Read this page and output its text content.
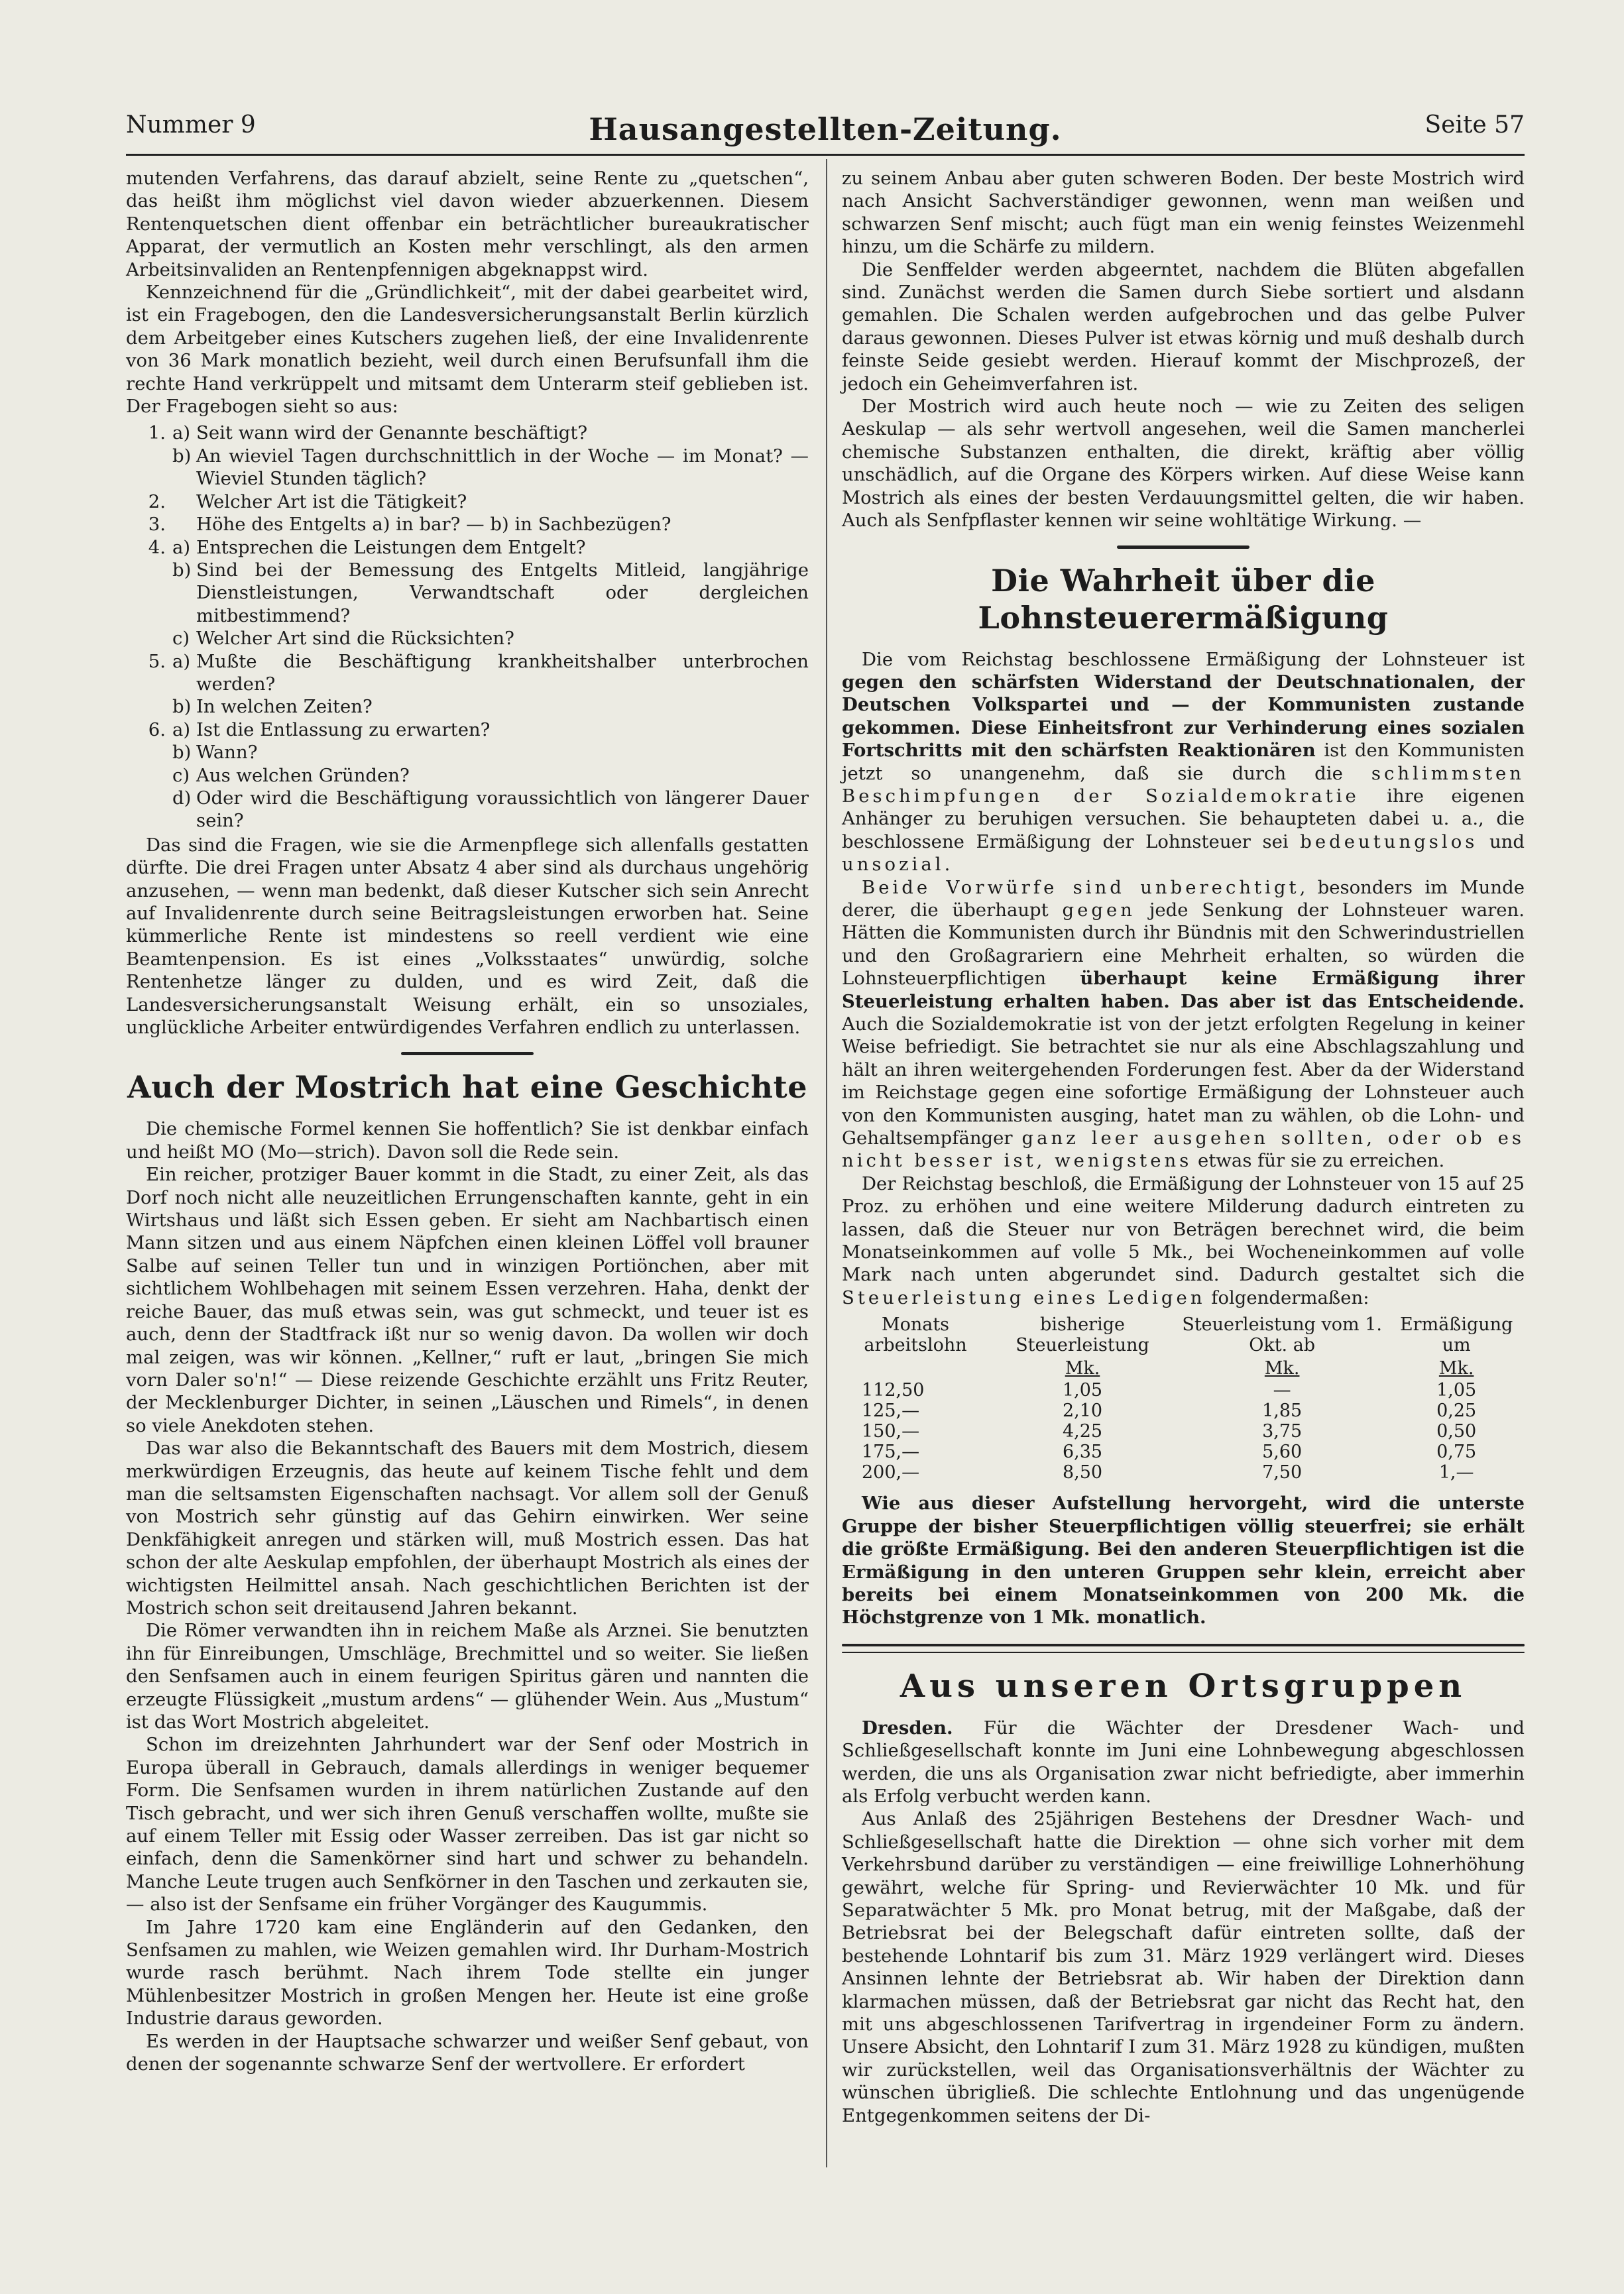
Nummer 9	Hausangestellten-Zeitung.	Seite 57

mutenden Verfahrens, das darauf abzielt, seine Rente zu „quetschen“, das heißt ihm möglichst viel davon wieder abzuerkennen. Diesem Rentenquetschen dient offenbar ein beträchtlicher bureaukratischer Apparat, der vermutlich an Kosten mehr verschlingt, als den armen Arbeitsinvaliden an Rentenpfennigen abgeknappst wird.

Kennzeichnend für die „Gründlichkeit“, mit der dabei gearbeitet wird, ist ein Fragebogen, den die Landesversicherungsanstalt Berlin kürzlich dem Arbeitgeber eines Kutschers zugehen ließ, der eine Invalidenrente von 36 Mark monatlich bezieht, weil durch einen Berufsunfall ihm die rechte Hand verkrüppelt und mitsamt dem Unterarm steif geblieben ist. Der Fragebogen sieht so aus:

1. a) Seit wann wird der Genannte beschäftigt?
b) An wieviel Tagen durchschnittlich in der Woche — im Monat? — Wieviel Stunden täglich?
2.	Welcher Art ist die Tätigkeit?
3.	Höhe des Entgelts a) in bar? — b) in Sachbezügen?
4. a) Entsprechen die Leistungen dem Entgelt?
b) Sind bei der Bemessung des Entgelts Mitleid, langjährige Dienstleistungen, Verwandtschaft oder dergleichen mitbestimmend?
c) Welcher Art sind die Rücksichten?
5. a) Mußte die Beschäftigung krankheitshalber unterbrochen werden?
b) In welchen Zeiten?
6. a) Ist die Entlassung zu erwarten?
b) Wann?
c) Aus welchen Gründen?
d) Oder wird die Beschäftigung voraussichtlich von längerer Dauer sein?

Das sind die Fragen, wie sie die Armenpflege sich allenfalls gestatten dürfte. Die drei Fragen unter Absatz 4 aber sind als durchaus ungehörig anzusehen, — wenn man bedenkt, daß dieser Kutscher sich sein Anrecht auf Invalidenrente durch seine Beitragsleistungen erworben hat. Seine kümmerliche Rente ist mindestens so reell verdient wie eine Beamtenpension. Es ist eines „Volksstaates“ unwürdig, solche Rentenhetze länger zu dulden, und es wird Zeit, daß die Landesversicherungsanstalt Weisung erhält, ein so unsoziales, unglückliche Arbeiter entwürdigendes Verfahren endlich zu unterlassen.

Auch der Mostrich hat eine Geschichte

Die chemische Formel kennen Sie hoffentlich? Sie ist denkbar einfach und heißt MO (Mo—strich). Davon soll die Rede sein.

Ein reicher, protziger Bauer kommt in die Stadt, zu einer Zeit, als das Dorf noch nicht alle neuzeitlichen Errungenschaften kannte, geht in ein Wirtshaus und läßt sich Essen geben. Er sieht am Nachbartisch einen Mann sitzen und aus einem Näpfchen einen kleinen Löffel voll brauner Salbe auf seinen Teller tun und in winzigen Portiönchen, aber mit sichtlichem Wohlbehagen mit seinem Essen verzehren. Haha, denkt der reiche Bauer, das muß etwas sein, was gut schmeckt, und teuer ist es auch, denn der Stadtfrack ißt nur so wenig davon. Da wollen wir doch mal zeigen, was wir können. „Kellner,“ ruft er laut, „bringen Sie mich vorn Daler so'n!“ — Diese reizende Geschichte erzählt uns Fritz Reuter, der Mecklenburger Dichter, in seinen „Läuschen und Rimels“, in denen so viele Anekdoten stehen.

Das war also die Bekanntschaft des Bauers mit dem Mostrich, diesem merkwürdigen Erzeugnis, das heute auf keinem Tische fehlt und dem man die seltsamsten Eigenschaften nachsagt. Vor allem soll der Genuß von Mostrich sehr günstig auf das Gehirn einwirken. Wer seine Denkfähigkeit anregen und stärken will, muß Mostrich essen. Das hat schon der alte Aeskulap empfohlen, der überhaupt Mostrich als eines der wichtigsten Heilmittel ansah. Nach geschichtlichen Berichten ist der Mostrich schon seit dreitausend Jahren bekannt.

Die Römer verwandten ihn in reichem Maße als Arznei. Sie benutzten ihn für Einreibungen, Umschläge, Brechmittel und so weiter. Sie ließen den Senfsamen auch in einem feurigen Spiritus gären und nannten die erzeugte Flüssigkeit „mustum ardens“ — glühender Wein. Aus „Mustum“ ist das Wort Mostrich abgeleitet.

Schon im dreizehnten Jahrhundert war der Senf oder Mostrich in Europa überall in Gebrauch, damals allerdings in weniger bequemer Form. Die Senfsamen wurden in ihrem natürlichen Zustande auf den Tisch gebracht, und wer sich ihren Genuß verschaffen wollte, mußte sie auf einem Teller mit Essig oder Wasser zerreiben. Das ist gar nicht so einfach, denn die Samenkörner sind hart und schwer zu behandeln. Manche Leute trugen auch Senfkörner in den Taschen und zerkauten sie, — also ist der Senfsame ein früher Vorgänger des Kaugummis.

Im Jahre 1720 kam eine Engländerin auf den Gedanken, den Senfsamen zu mahlen, wie Weizen gemahlen wird. Ihr Durham-Mostrich wurde rasch berühmt. Nach ihrem Tode stellte ein junger Mühlenbesitzer Mostrich in großen Mengen her. Heute ist eine große Industrie daraus geworden.

Es werden in der Hauptsache schwarzer und weißer Senf gebaut, von denen der sogenannte schwarze Senf der wertvollere. Er erfordert

zu seinem Anbau aber guten schweren Boden. Der beste Mostrich wird nach Ansicht Sachverständiger gewonnen, wenn man weißen und schwarzen Senf mischt; auch fügt man ein wenig feinstes Weizenmehl hinzu, um die Schärfe zu mildern.

Die Senffelder werden abgeerntet, nachdem die Blüten abgefallen sind. Zunächst werden die Samen durch Siebe sortiert und alsdann gemahlen. Die Schalen werden aufgebrochen und das gelbe Pulver daraus gewonnen. Dieses Pulver ist etwas körnig und muß deshalb durch feinste Seide gesiebt werden. Hierauf kommt der Mischprozeß, der jedoch ein Geheimverfahren ist.

Der Mostrich wird auch heute noch — wie zu Zeiten des seligen Aeskulap — als sehr wertvoll angesehen, weil die Samen mancherlei chemische Substanzen enthalten, die direkt, kräftig aber völlig unschädlich, auf die Organe des Körpers wirken. Auf diese Weise kann Mostrich als eines der besten Verdauungsmittel gelten, die wir haben. Auch als Senfpflaster kennen wir seine wohltätige Wirkung. —

Die Wahrheit über die Lohnsteuerermäßigung

Die vom Reichstag beschlossene Ermäßigung der Lohnsteuer ist gegen den schärfsten Widerstand der Deutschnationalen, der Deutschen Volkspartei und — der Kommunisten zustande gekommen. Diese Einheitsfront zur Verhinderung eines sozialen Fortschritts mit den schärfsten Reaktionären ist den Kommunisten jetzt so unangenehm, daß sie durch die schlimmsten Beschimpfungen der Sozialdemokratie ihre eigenen Anhänger zu beruhigen versuchen. Sie behaupteten dabei u. a., die beschlossene Ermäßigung der Lohnsteuer sei bedeutungslos und unsozial.

Beide Vorwürfe sind unberechtigt, besonders im Munde derer, die überhaupt gegen jede Senkung der Lohnsteuer waren. Hätten die Kommunisten durch ihr Bündnis mit den Schwerindustriellen und den Großagrariern eine Mehrheit erhalten, so würden die Lohnsteuerpflichtigen überhaupt keine Ermäßigung ihrer Steuerleistung erhalten haben. Das aber ist das Entscheidende. Auch die Sozialdemokratie ist von der jetzt erfolgten Regelung in keiner Weise befriedigt. Sie betrachtet sie nur als eine Abschlagszahlung und hält an ihren weitergehenden Forderungen fest. Aber da der Widerstand im Reichstage gegen eine sofortige Ermäßigung der Lohnsteuer auch von den Kommunisten ausging, hatet man zu wählen, ob die Lohn- und Gehaltsempfänger ganz leer ausgehen sollten, oder ob es nicht besser ist, wenigstens etwas für sie zu erreichen.

Der Reichstag beschloß, die Ermäßigung der Lohnsteuer von 15 auf 25 Proz. zu erhöhen und eine weitere Milderung dadurch eintreten zu lassen, daß die Steuer nur von Beträgen berechnet wird, die beim Monatseinkommen auf volle 5 Mk., bei Wocheneinkommen auf volle Mark nach unten abgerundet sind. Dadurch gestaltet sich die Steuerleistung eines Ledigen folgendermaßen:

Monats arbeitslohn	bisherige Steuerleistung	Steuerleistung vom 1. Okt. ab	Ermäßigung um
	Mk.	Mk.	Mk.
112,50	1,05	—	1,05
125,—	2,10	1,85	0,25
150,—	4,25	3,75	0,50
175,—	6,35	5,60	0,75
200,—	8,50	7,50	1,—

Wie aus dieser Aufstellung hervorgeht, wird die unterste Gruppe der bisher Steuerpflichtigen völlig steuerfrei; sie erhält die größte Ermäßigung. Bei den anderen Steuerpflichtigen ist die Ermäßigung in den unteren Gruppen sehr klein, erreicht aber bereits bei einem Monatseinkommen von 200 Mk. die Höchstgrenze von 1 Mk. monatlich.

Aus unseren Ortsgruppen

Dresden. Für die Wächter der Dresdener Wach- und Schließgesellschaft konnte im Juni eine Lohnbewegung abgeschlossen werden, die uns als Organisation zwar nicht befriedigte, aber immerhin als Erfolg verbucht werden kann.

Aus Anlaß des 25jährigen Bestehens der Dresdner Wach- und Schließgesellschaft hatte die Direktion — ohne sich vorher mit dem Verkehrsbund darüber zu verständigen — eine freiwillige Lohnerhöhung gewährt, welche für Spring- und Revierwächter 10 Mk. und für Separatwächter 5 Mk. pro Monat betrug, mit der Maßgabe, daß der Betriebsrat bei der Belegschaft dafür eintreten sollte, daß der bestehende Lohntarif bis zum 31. März 1929 verlängert wird. Dieses Ansinnen lehnte der Betriebsrat ab. Wir haben der Direktion dann klarmachen müssen, daß der Betriebsrat gar nicht das Recht hat, den mit uns abgeschlossenen Tarifvertrag in irgendeiner Form zu ändern. Unsere Absicht, den Lohntarif I zum 31. März 1928 zu kündigen, mußten wir zurückstellen, weil das Organisationsverhältnis der Wächter zu wünschen übrigließ. Die schlechte Entlohnung und das ungenügende Entgegenkommen seitens der Di-
